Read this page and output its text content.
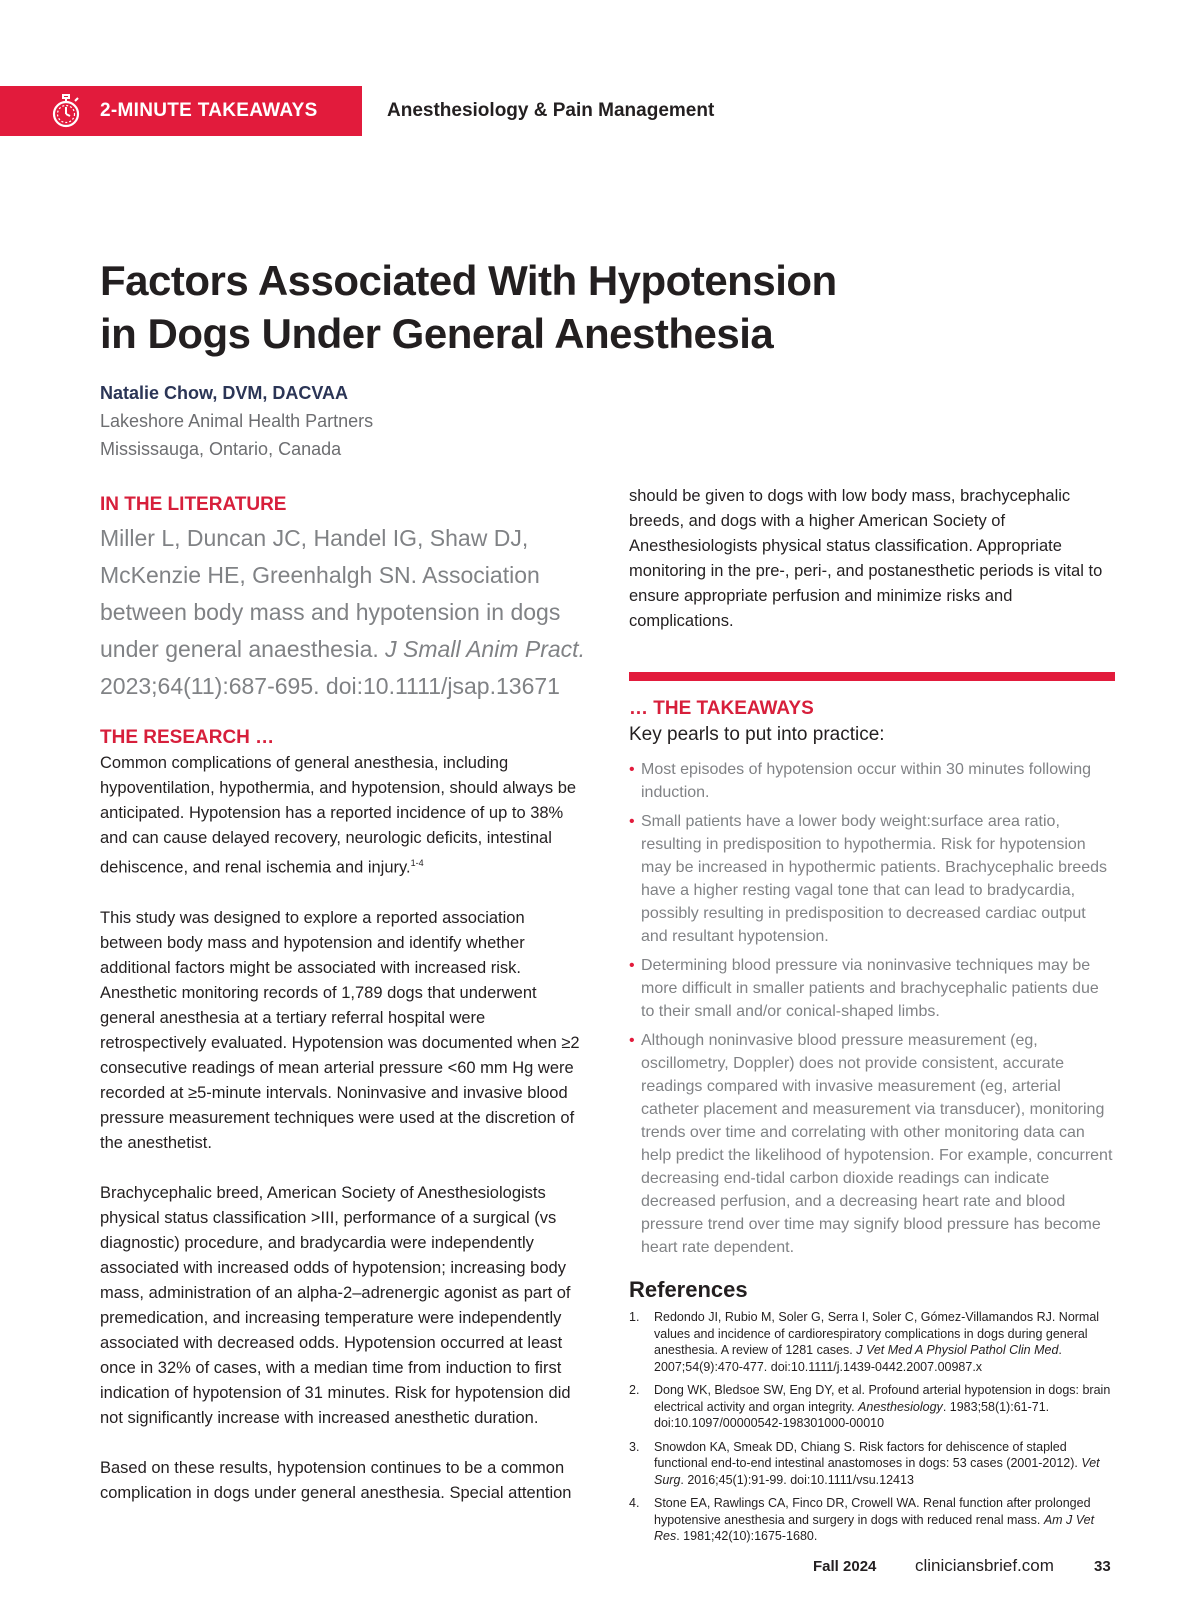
2-MINUTE TAKEAWAYS	Anesthesiology & Pain Management
Factors Associated With Hypotension
in Dogs Under General Anesthesia
Natalie Chow, DVM, DACVAA
Lakeshore Animal Health Partners
Mississauga, Ontario, Canada
IN THE LITERATURE

Miller L, Duncan JC, Handel IG, Shaw DJ, McKenzie HE, Greenhalgh SN. Association between body mass and hypotension in dogs under general anaesthesia. J Small Anim Pract. 2023;64(11):687-695. doi:10.1111/jsap.13671

THE RESEARCH …

Common complications of general anesthesia, including hypoventilation, hypothermia, and hypotension, should always be anticipated. Hypotension has a reported incidence of up to 38% and can cause delayed recovery, neurologic deficits, intestinal dehiscence, and renal ischemia and injury.$^{1-4}$

This study was designed to explore a reported association between body mass and hypotension and identify whether additional factors might be associated with increased risk. Anesthetic monitoring records of 1,789 dogs that underwent general anesthesia at a tertiary referral hospital were retrospectively evaluated. Hypotension was documented when ≥2 consecutive readings of mean arterial pressure <60 mm Hg were recorded at ≥5-minute intervals. Noninvasive and invasive blood pressure measurement techniques were used at the discretion of the anesthetist.

Brachycephalic breed, American Society of Anesthesiologists physical status classification >III, performance of a surgical (vs diagnostic) procedure, and bradycardia were independently associated with increased odds of hypotension; increasing body mass, administration of an alpha-2–adrenergic agonist as part of premedication, and increasing temperature were independently associated with decreased odds. Hypotension occurred at least once in 32% of cases, with a median time from induction to first indication of hypotension of 31 minutes. Risk for hypotension did not significantly increase with increased anesthetic duration.

Based on these results, hypotension continues to be a common complication in dogs under general anesthesia. Special attention

should be given to dogs with low body mass, brachycephalic breeds, and dogs with a higher American Society of Anesthesiologists physical status classification. Appropriate monitoring in the pre-, peri-, and postanesthetic periods is vital to ensure appropriate perfusion and minimize risks and complications.

… THE TAKEAWAYS
Key pearls to put into practice:
• Most episodes of hypotension occur within 30 minutes following induction.
• Small patients have a lower body weight:surface area ratio, resulting in predisposition to hypothermia. Risk for hypotension may be increased in hypothermic patients. Brachycephalic breeds have a higher resting vagal tone that can lead to bradycardia, possibly resulting in predisposition to decreased cardiac output and resultant hypotension.
• Determining blood pressure via noninvasive techniques may be more difficult in smaller patients and brachycephalic patients due to their small and/or conical-shaped limbs.
• Although noninvasive blood pressure measurement (eg, oscillometry, Doppler) does not provide consistent, accurate readings compared with invasive measurement (eg, arterial catheter placement and measurement via transducer), monitoring trends over time and correlating with other monitoring data can help predict the likelihood of hypotension. For example, concurrent decreasing end-tidal carbon dioxide readings can indicate decreased perfusion, and a decreasing heart rate and blood pressure trend over time may signify blood pressure has become heart rate dependent.
References
1. Redondo JI, Rubio M, Soler G, Serra I, Soler C, Gómez-Villamandos RJ. Normal values and incidence of cardiorespiratory complications in dogs during general anesthesia. A review of 1281 cases. J Vet Med A Physiol Pathol Clin Med. 2007;54(9):470-477. doi:10.1111/j.1439-0442.2007.00987.x
2. Dong WK, Bledsoe SW, Eng DY, et al. Profound arterial hypotension in dogs: brain electrical activity and organ integrity. Anesthesiology. 1983;58(1):61-71. doi:10.1097/00000542-198301000-00010
3. Snowdon KA, Smeak DD, Chiang S. Risk factors for dehiscence of stapled functional end-to-end intestinal anastomoses in dogs: 53 cases (2001-2012). Vet Surg. 2016;45(1):91-99. doi:10.1111/vsu.12413
4. Stone EA, Rawlings CA, Finco DR, Crowell WA. Renal function after prolonged hypotensive anesthesia and surgery in dogs with reduced renal mass. Am J Vet Res. 1981;42(10):1675-1680.
Fall 2024 cliniciansbrief.com	33
